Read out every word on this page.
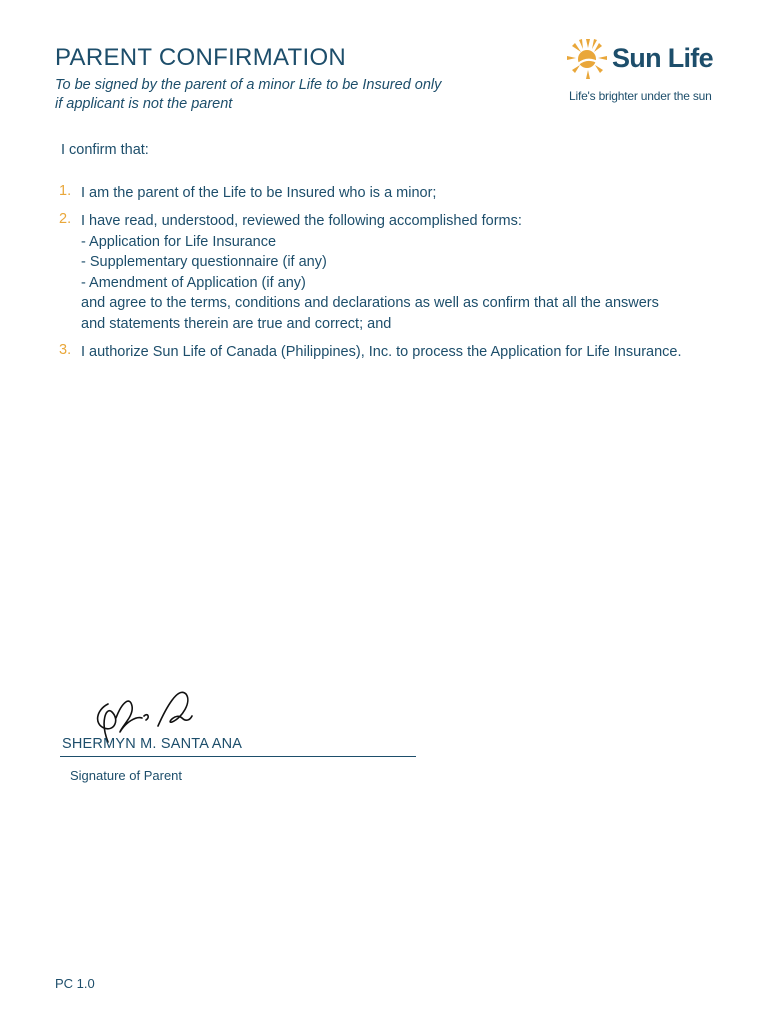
PARENT CONFIRMATION
To be signed by the parent of a minor Life to be Insured only
if applicant is not the parent
Sun Life
Life's brighter under the sun
I confirm that:
1. I am the parent of the Life to be Insured who is a minor;
2. I have read, understood, reviewed the following accomplished forms:
- Application for Life Insurance
- Supplementary questionnaire (if any)
- Amendment of Application (if any)
and agree to the terms, conditions and declarations as well as confirm that all the answers
and statements therein are true and correct; and
3. I authorize Sun Life of Canada (Philippines), Inc. to process the Application for Life Insurance.
SHERMYN M. SANTA ANA
Signature of Parent
PC 1.0
